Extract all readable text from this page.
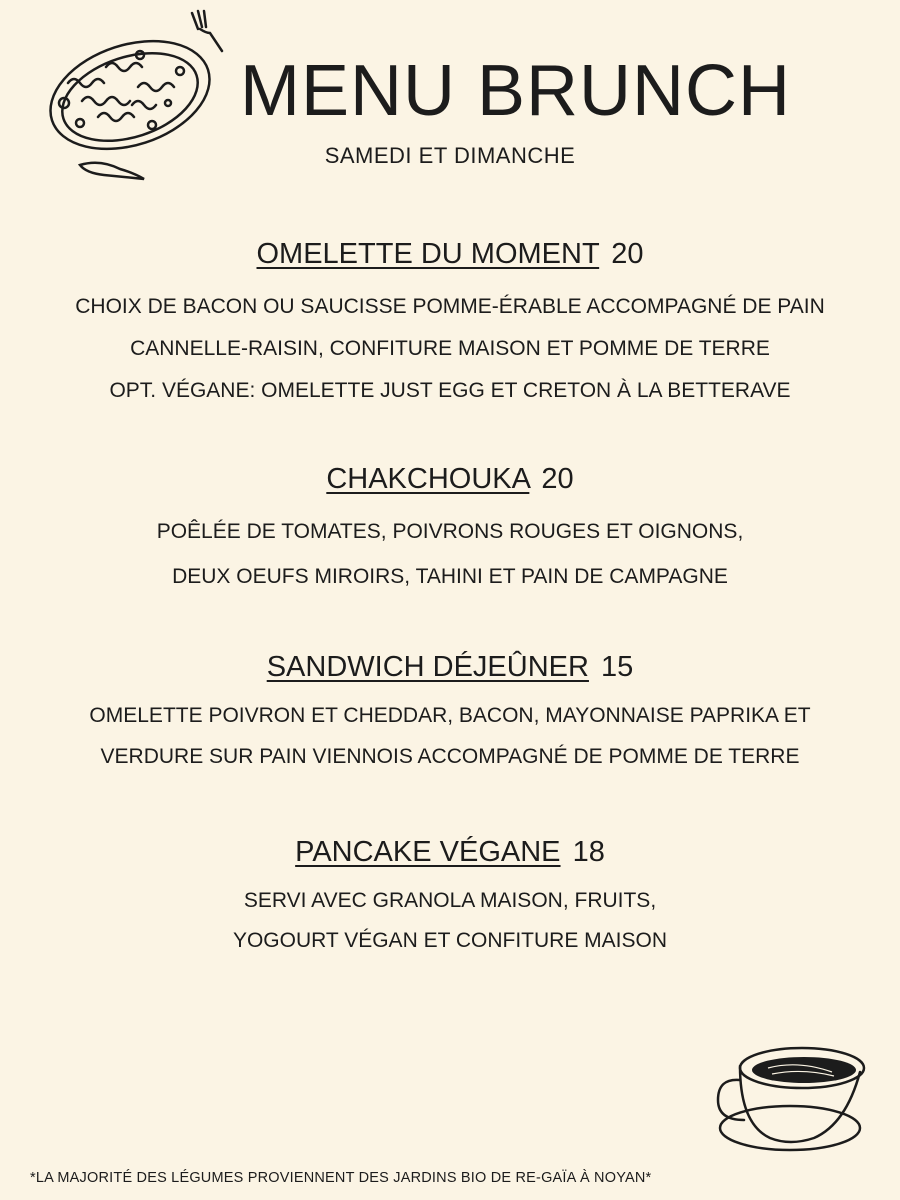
MENU BRUNCH
SAMEDI ET DIMANCHE

OMELETTE DU MOMENT 20

CHOIX DE BACON OU SAUCISSE POMME-ÉRABLE ACCOMPAGNÉ DE PAIN

CANNELLE-RAISIN, CONFITURE MAISON ET POMME DE TERRE

OPT. VÉGANE: OMELETTE JUST EGG ET CRETON À LA BETTERAVE

CHAKCHOUKA 20

POÊLÉE DE TOMATES, POIVRONS ROUGES ET OIGNONS,

DEUX OEUFS MIROIRS, TAHINI ET PAIN DE CAMPAGNE

SANDWICH DÉJEÛNER 15

OMELETTE POIVRON ET CHEDDAR, BACON, MAYONNAISE PAPRIKA ET

VERDURE SUR PAIN VIENNOIS ACCOMPAGNÉ DE POMME DE TERRE

PANCAKE VÉGANE 18

SERVI AVEC GRANOLA MAISON, FRUITS,

YOGOURT VÉGAN ET CONFITURE MAISON

*LA MAJORITÉ DES LÉGUMES PROVIENNENT DES JARDINS BIO DE RE-GAÏA À NOYAN*
